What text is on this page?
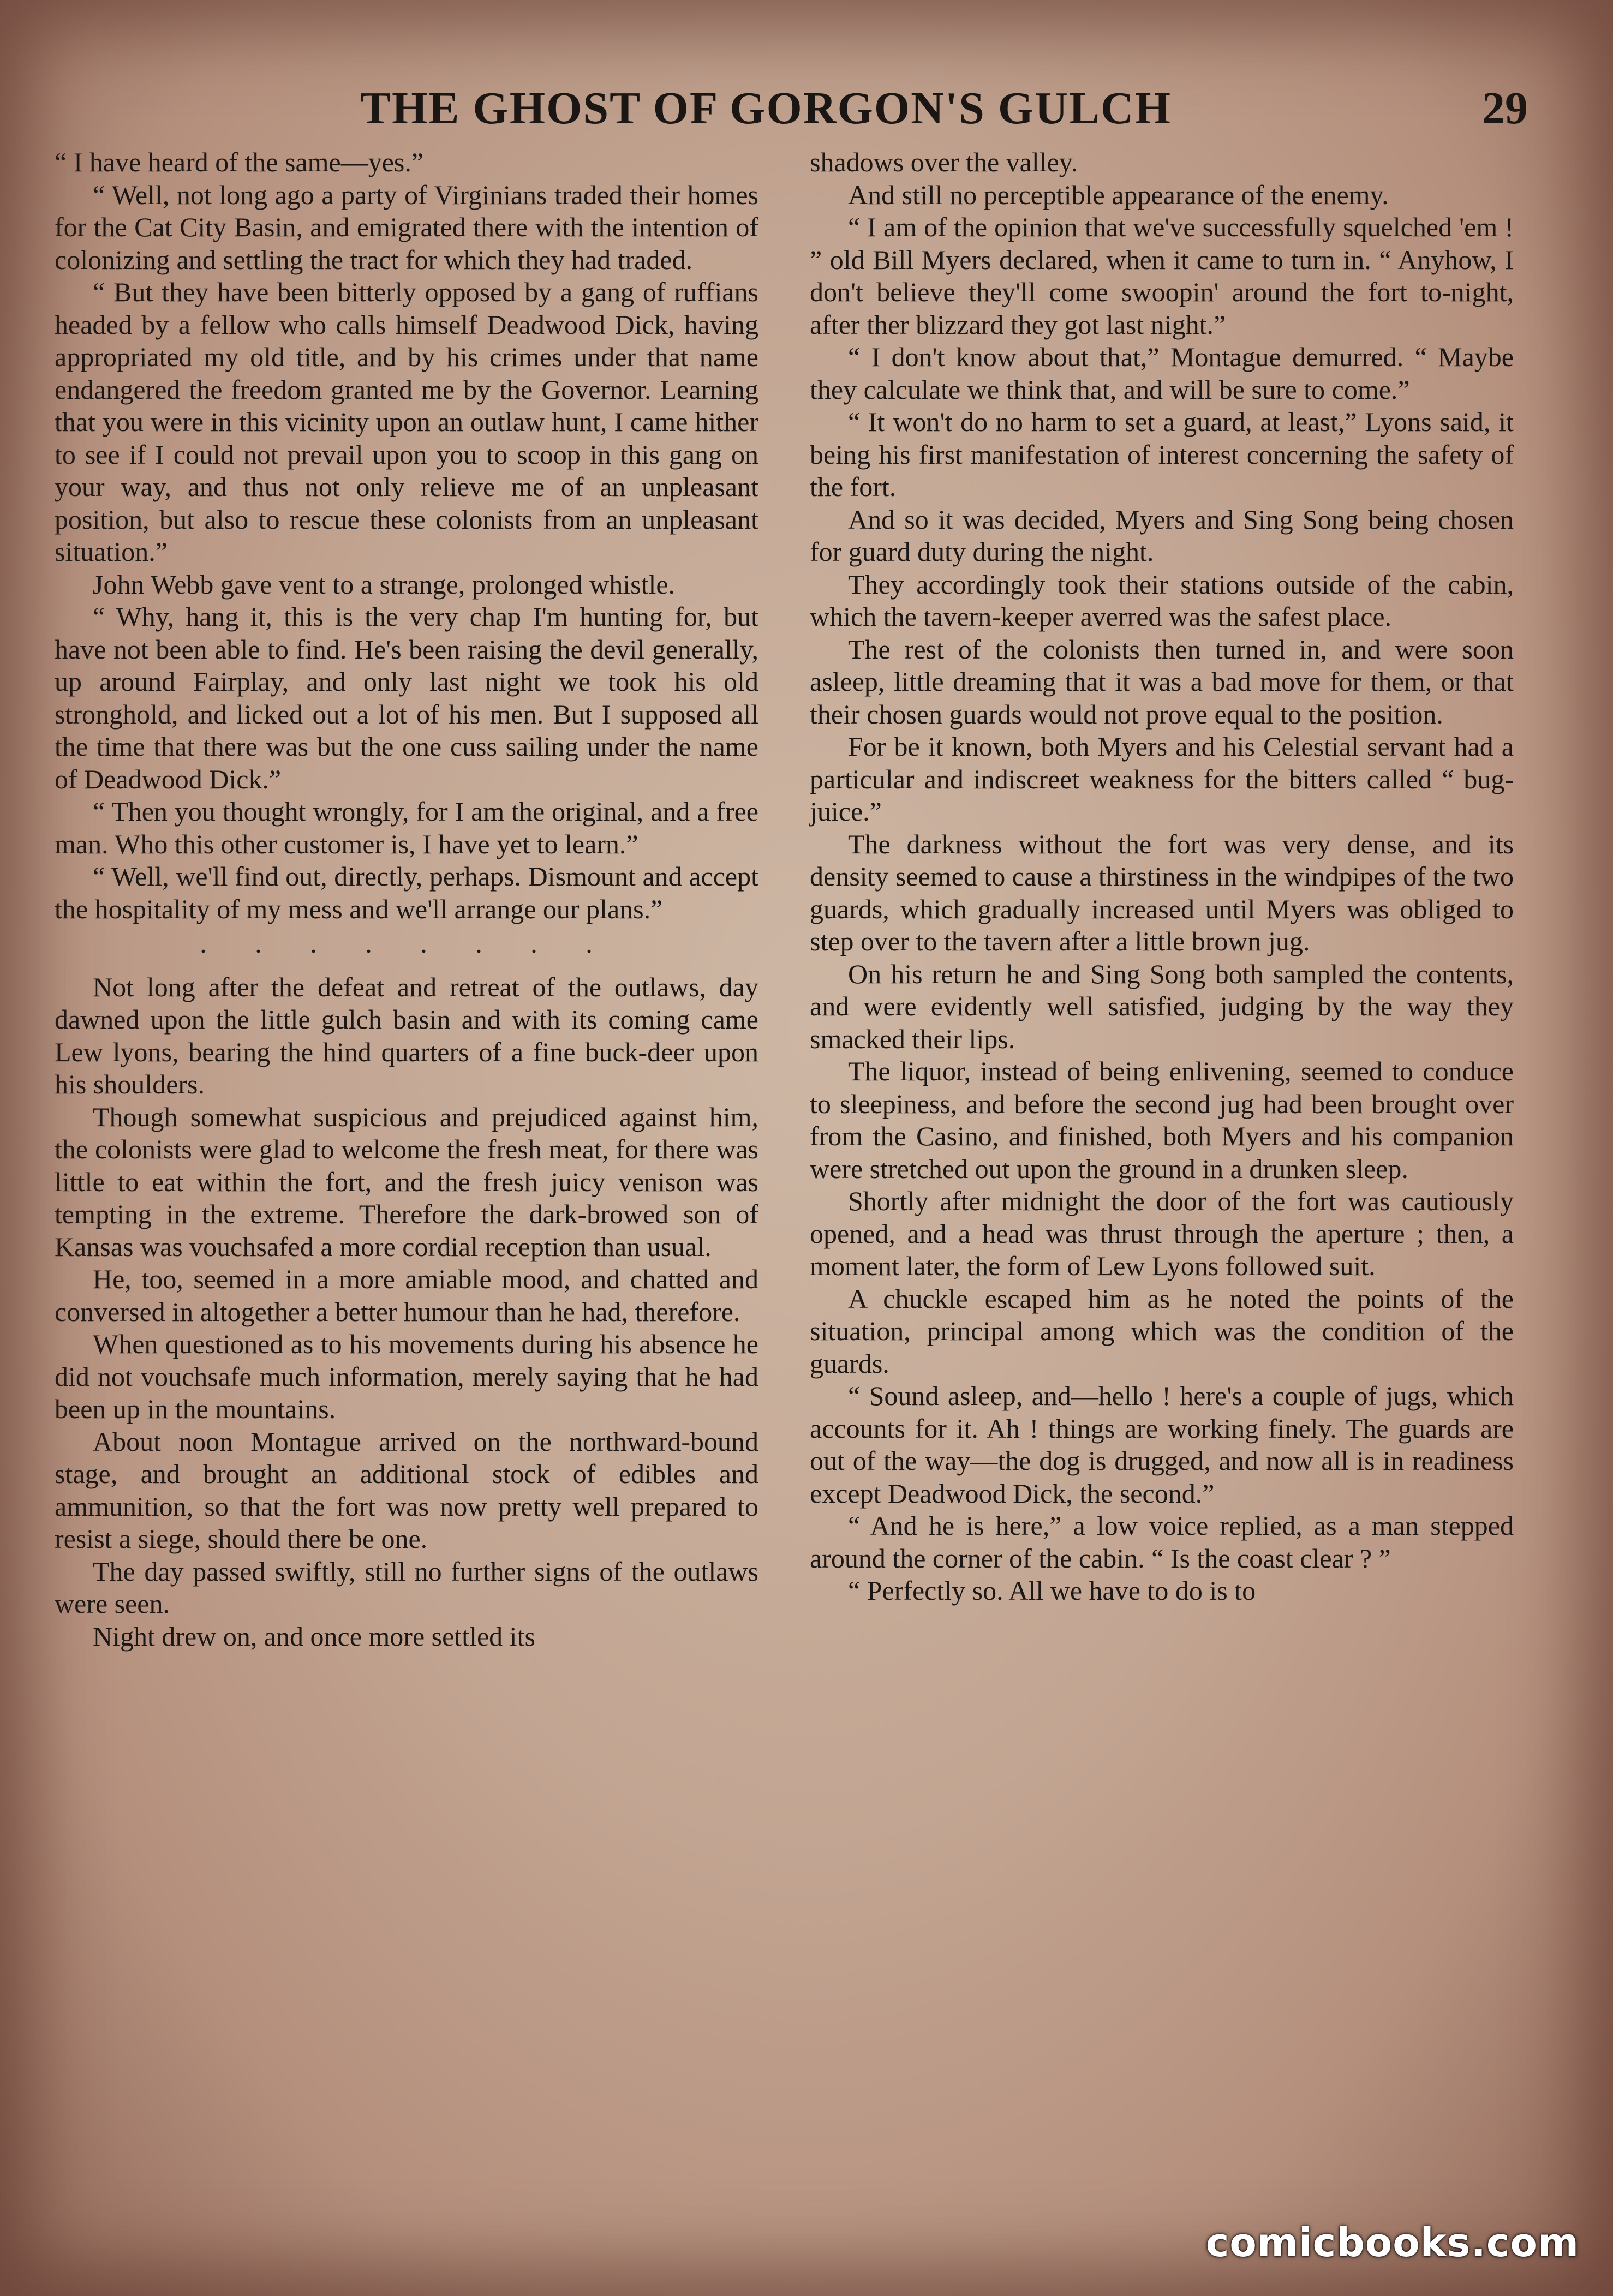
THE GHOST OF GORGON'S GULCH	29

“ I have heard of the same—yes.”

“ Well, not long ago a party of Virginians traded their homes for the Cat City Basin, and emigrated there with the intention of colonizing and settling the tract for which they had traded.

“ But they have been bitterly opposed by a gang of ruffians headed by a fellow who calls himself Deadwood Dick, having appropriated my old title, and by his crimes under that name endangered the freedom granted me by the Governor. Learning that you were in this vicinity upon an outlaw hunt, I came hither to see if I could not prevail upon you to scoop in this gang on your way, and thus not only relieve me of an unpleasant position, but also to rescue these colonists from an unpleasant situation.”

John Webb gave vent to a strange, prolonged whistle.

“ Why, hang it, this is the very chap I'm hunting for, but have not been able to find. He's been raising the devil generally, up around Fairplay, and only last night we took his old stronghold, and licked out a lot of his men. But I supposed all the time that there was but the one cuss sailing under the name of Deadwood Dick.”

“ Then you thought wrongly, for I am the original, and a free man. Who this other customer is, I have yet to learn.”

“ Well, we'll find out, directly, perhaps. Dismount and accept the hospitality of my mess and we'll arrange our plans.”

. . . . . . . .

Not long after the defeat and retreat of the outlaws, day dawned upon the little gulch basin and with its coming came Lew lyons, bearing the hind quarters of a fine buck-deer upon his shoulders.

Though somewhat suspicious and prejudiced against him, the colonists were glad to welcome the fresh meat, for there was little to eat within the fort, and the fresh juicy venison was tempting in the extreme. Therefore the dark-browed son of Kansas was vouchsafed a more cordial reception than usual.

He, too, seemed in a more amiable mood, and chatted and conversed in altogether a better humour than he had, therefore.

When questioned as to his movements during his absence he did not vouchsafe much information, merely saying that he had been up in the mountains.

About noon Montague arrived on the northward-bound stage, and brought an additional stock of edibles and ammunition, so that the fort was now pretty well prepared to resist a siege, should there be one.

The day passed swiftly, still no further signs of the outlaws were seen.

Night drew on, and once more settled its

shadows over the valley.

And still no perceptible appearance of the enemy.

“ I am of the opinion that we've successfully squelched 'em ! ” old Bill Myers declared, when it came to turn in. “ Anyhow, I don't believe they'll come swoopin' around the fort to-night, after ther blizzard they got last night.”

“ I don't know about that,” Montague demurred. “ Maybe they calculate we think that, and will be sure to come.”

“ It won't do no harm to set a guard, at least,” Lyons said, it being his first manifestation of interest concerning the safety of the fort.

And so it was decided, Myers and Sing Song being chosen for guard duty during the night.

They accordingly took their stations outside of the cabin, which the tavern-keeper averred was the safest place.

The rest of the colonists then turned in, and were soon asleep, little dreaming that it was a bad move for them, or that their chosen guards would not prove equal to the position.

For be it known, both Myers and his Celestial servant had a particular and indiscreet weakness for the bitters called “ bug-juice.”

The darkness without the fort was very dense, and its density seemed to cause a thirstiness in the windpipes of the two guards, which gradually increased until Myers was obliged to step over to the tavern after a little brown jug.

On his return he and Sing Song both sampled the contents, and were evidently well satisfied, judging by the way they smacked their lips.

The liquor, instead of being enlivening, seemed to conduce to sleepiness, and before the second jug had been brought over from the Casino, and finished, both Myers and his companion were stretched out upon the ground in a drunken sleep.

Shortly after midnight the door of the fort was cautiously opened, and a head was thrust through the aperture ; then, a moment later, the form of Lew Lyons followed suit.

A chuckle escaped him as he noted the points of the situation, principal among which was the condition of the guards.

“ Sound asleep, and—hello ! here's a couple of jugs, which accounts for it. Ah ! things are working finely. The guards are out of the way—the dog is drugged, and now all is in readiness except Deadwood Dick, the second.”

“ And he is here,” a low voice replied, as a man stepped around the corner of the cabin. “ Is the coast clear ? ”

“ Perfectly so. All we have to do is to

comicbooks.com
